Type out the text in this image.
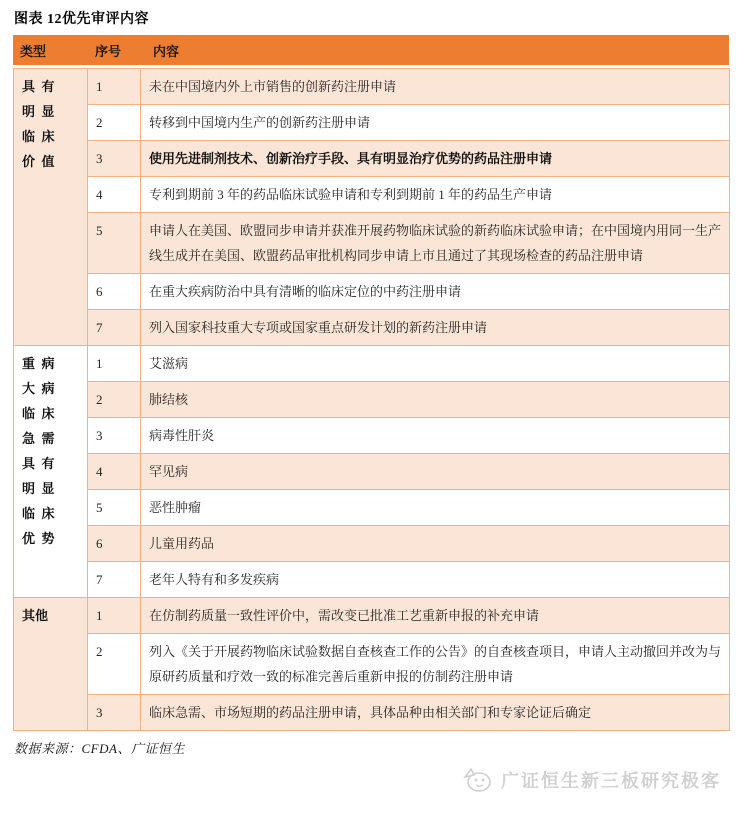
图表 12优先审评内容
类型	序号	内容
具有明显临床价值	1	未在中国境内外上市销售的创新药注册申请
	2	转移到中国境内生产的创新药注册申请
	3	使用先进制剂技术、创新治疗手段、具有明显治疗优势的药品注册申请
	4	专利到期前 3 年的药品临床试验申请和专利到期前 1 年的药品生产申请
	5	申请人在美国、欧盟同步申请并获准开展药物临床试验的新药临床试验申请；在中国境内用同一生产线生成并在美国、欧盟药品审批机构同步申请上市且通过了其现场检查的药品注册申请
	6	在重大疾病防治中具有清晰的临床定位的中药注册申请
	7	列入国家科技重大专项或国家重点研发计划的新药注册申请
重病大病临床急需具有明显临床优势	1	艾滋病
	2	肺结核
	3	病毒性肝炎
	4	罕见病
	5	恶性肿瘤
	6	儿童用药品
	7	老年人特有和多发疾病
其他	1	在仿制药质量一致性评价中，需改变已批准工艺重新申报的补充申请
	2	列入《关于开展药物临床试验数据自查核查工作的公告》的自查核查项目，申请人主动撤回并改为与原研药质量和疗效一致的标准完善后重新申报的仿制药注册申请
	3	临床急需、市场短期的药品注册申请，具体品种由相关部门和专家论证后确定
数据来源：CFDA、广证恒生
广证恒生新三板研究极客
